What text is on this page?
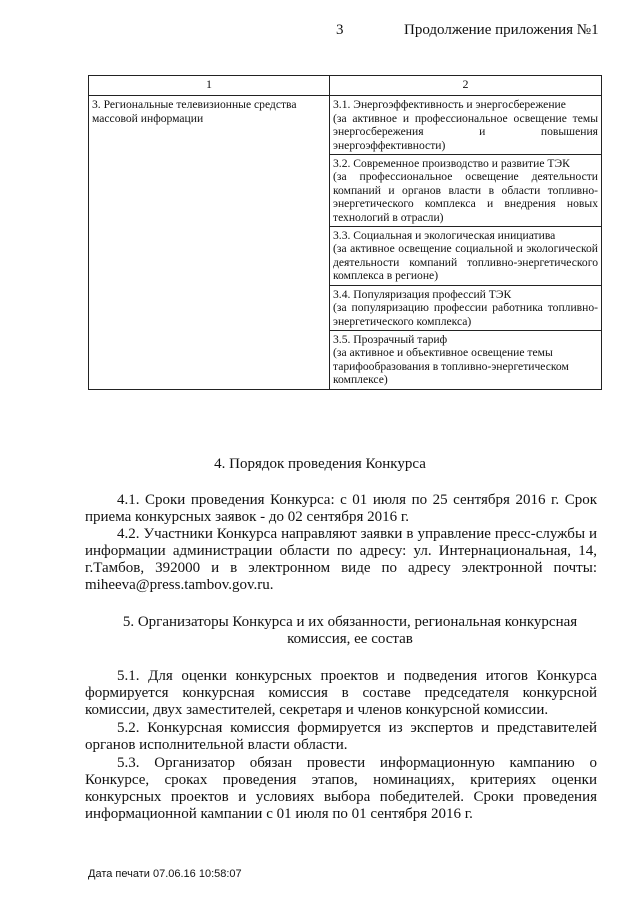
3	Продолжение приложения №1
1	2
3. Региональные телевизионные средства массовой информации	3.1. Энергоэффективность и энергосбережение
(за активное и профессиональное освещение темы энергосбережения и повышения энергоэффективности)
	3.2. Современное производство и развитие ТЭК
(за профессиональное освещение деятельности компаний и органов власти в области топливно-энергетического комплекса и внедрения новых технологий в отрасли)
	3.3. Социальная и экологическая инициатива
(за активное освещение социальной и экологической деятельности компаний топливно-энергетического комплекса в регионе)
	3.4. Популяризация профессий ТЭК
(за популяризацию профессии работника топливно-энергетического комплекса)
	3.5. Прозрачный тариф
(за активное и объективное освещение темы тарифообразования в топливно-энергетическом комплексе)
4. Порядок проведения Конкурса
4.1. Сроки проведения Конкурса: с 01 июля по 25 сентября 2016 г. Срок приема конкурсных заявок - до 02 сентября 2016 г.
4.2. Участники Конкурса направляют заявки в управление пресс-службы и информации администрации области по адресу: ул. Интернациональная, 14, г.Тамбов, 392000 и в электронном виде по адресу электронной почты: miheeva@press.tambov.gov.ru.
5. Организаторы Конкурса и их обязанности, региональная конкурсная комиссия, ее состав
5.1. Для оценки конкурсных проектов и подведения итогов Конкурса формируется конкурсная комиссия в составе председателя конкурсной комиссии, двух заместителей, секретаря и членов конкурсной комиссии.
5.2. Конкурсная комиссия формируется из экспертов и представителей органов исполнительной власти области.
5.3. Организатор обязан провести информационную кампанию о Конкурсе, сроках проведения этапов, номинациях, критериях оценки конкурсных проектов и условиях выбора победителей. Сроки проведения информационной кампании с 01 июля по 01 сентября 2016 г.
Дата печати 07.06.16 10:58:07
